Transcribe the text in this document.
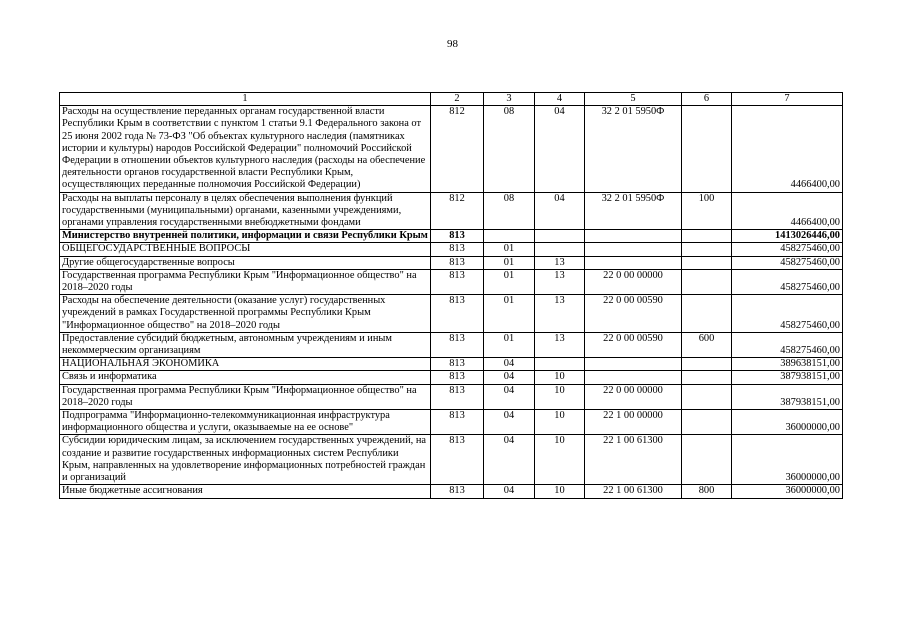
98
1	2	3	4	5	6	7
Расходы на осуществление переданных органам государственной власти Республики Крым в соответствии с пунктом 1 статьи 9.1 Федерального закона от 25 июня 2002 года № 73-ФЗ "Об объектах культурного наследия (памятниках истории и культуры) народов Российской Федерации" полномочий Российской Федерации в отношении объектов культурного наследия (расходы на обеспечение деятельности органов государственной власти Республики Крым, осуществляющих переданные полномочия Российской Федерации)	812	08	04	32 2 01 5950Ф		4466400,00
Расходы на выплаты персоналу в целях обеспечения выполнения функций государственными (муниципальными) органами, казенными учреждениями, органами управления государственными внебюджетными фондами	812	08	04	32 2 01 5950Ф	100	4466400,00
Министерство внутренней политики, информации и связи Республики Крым	813					1413026446,00
ОБЩЕГОСУДАРСТВЕННЫЕ ВОПРОСЫ	813	01				458275460,00
Другие общегосударственные вопросы	813	01	13			458275460,00
Государственная программа Республики Крым "Информационное общество" на 2018–2020 годы	813	01	13	22 0 00 00000		458275460,00
Расходы на обеспечение деятельности (оказание услуг) государственных учреждений в рамках Государственной программы Республики Крым "Информационное общество" на 2018–2020 годы	813	01	13	22 0 00 00590		458275460,00
Предоставление субсидий бюджетным, автономным учреждениям и иным некоммерческим организациям	813	01	13	22 0 00 00590	600	458275460,00
НАЦИОНАЛЬНАЯ ЭКОНОМИКА	813	04				389638151,00
Связь и информатика	813	04	10			387938151,00
Государственная программа Республики Крым "Информационное общество" на 2018–2020 годы	813	04	10	22 0 00 00000		387938151,00
Подпрограмма "Информационно-телекоммуникационная инфраструктура информационного общества и услуги, оказываемые на ее основе"	813	04	10	22 1 00 00000		36000000,00
Субсидии юридическим лицам, за исключением государственных учреждений, на создание и развитие государственных информационных систем Республики Крым, направленных на удовлетворение информационных потребностей граждан и организаций	813	04	10	22 1 00 61300		36000000,00
Иные бюджетные ассигнования	813	04	10	22 1 00 61300	800	36000000,00
